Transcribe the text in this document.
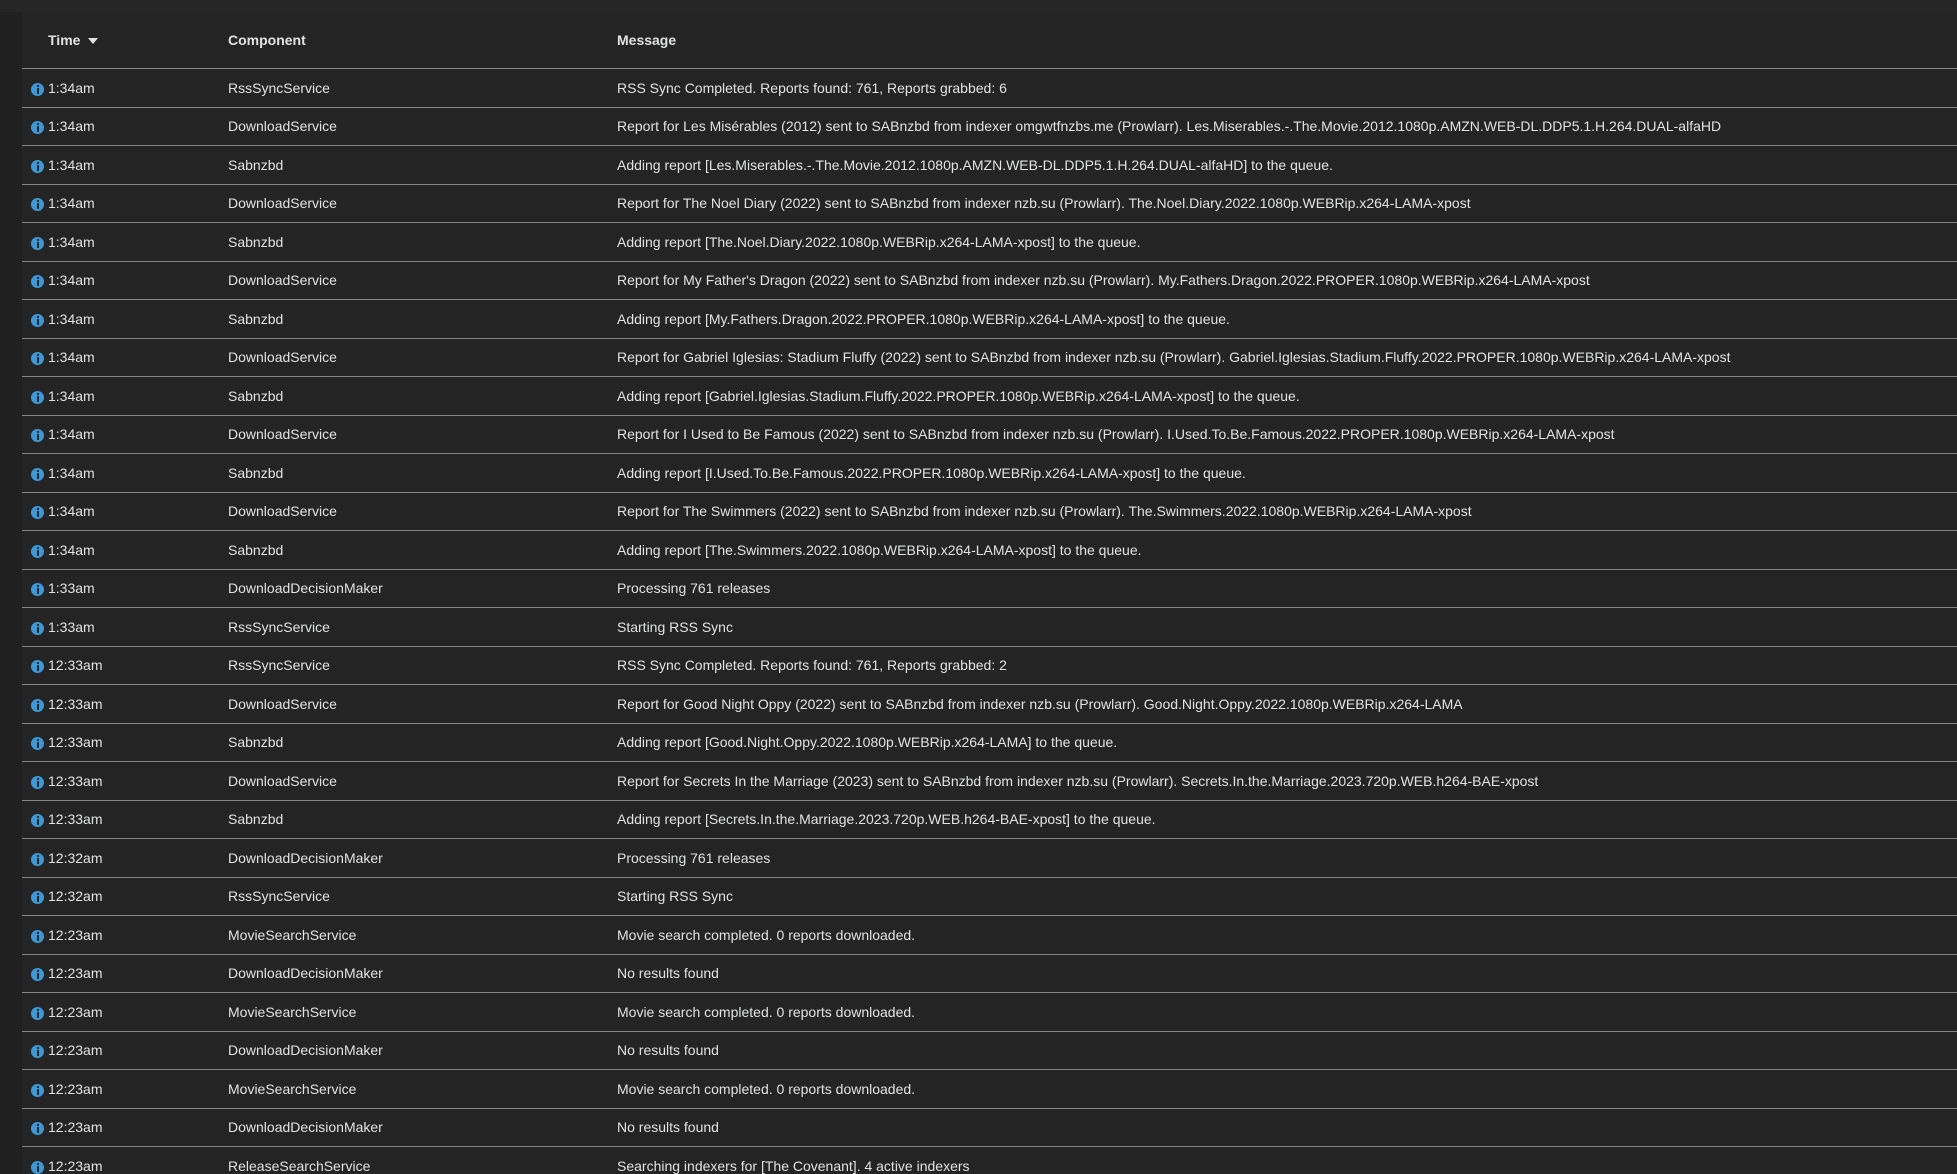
	Time	Component	Message
	1:34am	RssSyncService	RSS Sync Completed. Reports found: 761, Reports grabbed: 6
	1:34am	DownloadService	Report for Les Misérables (2012) sent to SABnzbd from indexer omgwtfnzbs.me (Prowlarr). Les.Miserables.-.The.Movie.2012.1080p.AMZN.WEB-DL.DDP5.1.H.264.DUAL-alfaHD
	1:34am	Sabnzbd	Adding report [Les.Miserables.-.The.Movie.2012.1080p.AMZN.WEB-DL.DDP5.1.H.264.DUAL-alfaHD] to the queue.
	1:34am	DownloadService	Report for The Noel Diary (2022) sent to SABnzbd from indexer nzb.su (Prowlarr). The.Noel.Diary.2022.1080p.WEBRip.x264-LAMA-xpost
	1:34am	Sabnzbd	Adding report [The.Noel.Diary.2022.1080p.WEBRip.x264-LAMA-xpost] to the queue.
	1:34am	DownloadService	Report for My Father's Dragon (2022) sent to SABnzbd from indexer nzb.su (Prowlarr). My.Fathers.Dragon.2022.PROPER.1080p.WEBRip.x264-LAMA-xpost
	1:34am	Sabnzbd	Adding report [My.Fathers.Dragon.2022.PROPER.1080p.WEBRip.x264-LAMA-xpost] to the queue.
	1:34am	DownloadService	Report for Gabriel Iglesias: Stadium Fluffy (2022) sent to SABnzbd from indexer nzb.su (Prowlarr). Gabriel.Iglesias.Stadium.Fluffy.2022.PROPER.1080p.WEBRip.x264-LAMA-xpost
	1:34am	Sabnzbd	Adding report [Gabriel.Iglesias.Stadium.Fluffy.2022.PROPER.1080p.WEBRip.x264-LAMA-xpost] to the queue.
	1:34am	DownloadService	Report for I Used to Be Famous (2022) sent to SABnzbd from indexer nzb.su (Prowlarr). I.Used.To.Be.Famous.2022.PROPER.1080p.WEBRip.x264-LAMA-xpost
	1:34am	Sabnzbd	Adding report [I.Used.To.Be.Famous.2022.PROPER.1080p.WEBRip.x264-LAMA-xpost] to the queue.
	1:34am	DownloadService	Report for The Swimmers (2022) sent to SABnzbd from indexer nzb.su (Prowlarr). The.Swimmers.2022.1080p.WEBRip.x264-LAMA-xpost
	1:34am	Sabnzbd	Adding report [The.Swimmers.2022.1080p.WEBRip.x264-LAMA-xpost] to the queue.
	1:33am	DownloadDecisionMaker	Processing 761 releases
	1:33am	RssSyncService	Starting RSS Sync
	12:33am	RssSyncService	RSS Sync Completed. Reports found: 761, Reports grabbed: 2
	12:33am	DownloadService	Report for Good Night Oppy (2022) sent to SABnzbd from indexer nzb.su (Prowlarr). Good.Night.Oppy.2022.1080p.WEBRip.x264-LAMA
	12:33am	Sabnzbd	Adding report [Good.Night.Oppy.2022.1080p.WEBRip.x264-LAMA] to the queue.
	12:33am	DownloadService	Report for Secrets In the Marriage (2023) sent to SABnzbd from indexer nzb.su (Prowlarr). Secrets.In.the.Marriage.2023.720p.WEB.h264-BAE-xpost
	12:33am	Sabnzbd	Adding report [Secrets.In.the.Marriage.2023.720p.WEB.h264-BAE-xpost] to the queue.
	12:32am	DownloadDecisionMaker	Processing 761 releases
	12:32am	RssSyncService	Starting RSS Sync
	12:23am	MovieSearchService	Movie search completed. 0 reports downloaded.
	12:23am	DownloadDecisionMaker	No results found
	12:23am	MovieSearchService	Movie search completed. 0 reports downloaded.
	12:23am	DownloadDecisionMaker	No results found
	12:23am	MovieSearchService	Movie search completed. 0 reports downloaded.
	12:23am	DownloadDecisionMaker	No results found
	12:23am	ReleaseSearchService	Searching indexers for [The Covenant]. 4 active indexers
